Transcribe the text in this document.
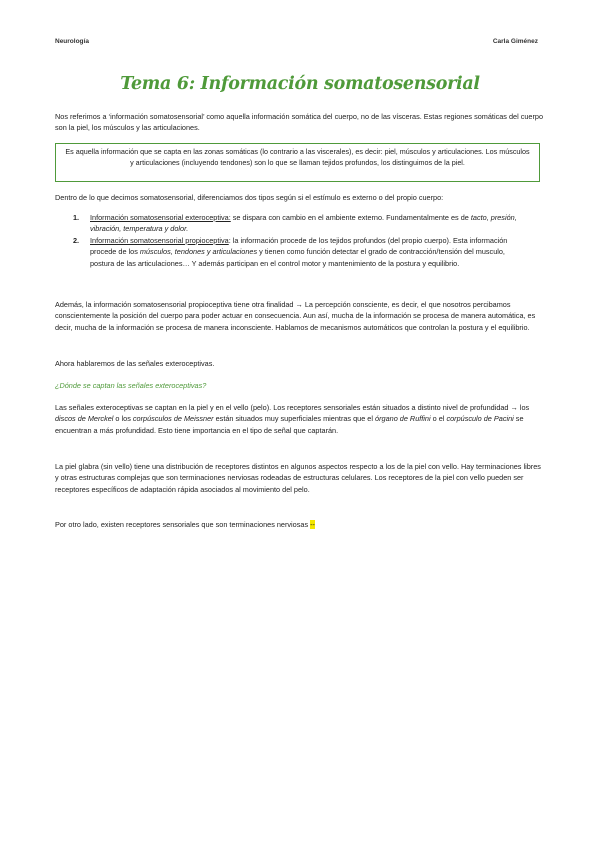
Neurología	Carla Giménez
Tema 6: Información somatosensorial
Nos referimos a ‘información somatosensorial’ como aquella información somática del cuerpo, no de las vísceras. Estas regiones somáticas del cuerpo son la piel, los músculos y las articulaciones.
Es aquella información que se capta en las zonas somáticas (lo contrario a las viscerales), es decir: piel, músculos y articulaciones. Los músculos y articulaciones (incluyendo tendones) son lo que se llaman tejidos profundos, los distinguimos de la piel.
Dentro de lo que decimos somatosensorial, diferenciamos dos tipos según si el estímulo es externo o del propio cuerpo:
1. Información somatosensorial exteroceptiva: se dispara con cambio en el ambiente externo. Fundamentalmente es de tacto, presión, vibración, temperatura y dolor.
2. Información somatosensorial propioceptiva: la información procede de los tejidos profundos (del propio cuerpo). Esta información procede de los músculos, tendones y articulaciones y tienen como función detectar el grado de contracción/tensión del musculo, postura de las articulaciones… Y además participan en el control motor y mantenimiento de la postura y equilibrio.
Además, la información somatosensorial propioceptiva tiene otra finalidad → La percepción consciente, es decir, el que nosotros percibamos conscientemente la posición del cuerpo para poder actuar en consecuencia. Aun así, mucha de la información se procesa de manera automática, es decir, mucha de la información se procesa de manera inconsciente. Hablamos de mecanismos automáticos que controlan la postura y el equilibrio.
Ahora hablaremos de las señales exteroceptivas.
¿Dónde se captan las señales exteroceptivas?
Las señales exteroceptivas se captan en la piel y en el vello (pelo). Los receptores sensoriales están situados a distinto nivel de profundidad → los discos de Merckel o los corpúsculos de Meissner están situados muy superficiales mientras que el órgano de Ruffini o el corpúsculo de Pacini se encuentran a más profundidad. Esto tiene importancia en el tipo de señal que captarán.
La piel glabra (sin vello) tiene una distribución de receptores distintos en algunos aspectos respecto a los de la piel con vello. Hay terminaciones libres y otras estructuras complejas que son terminaciones nerviosas rodeadas de estructuras celulares. Los receptores de la piel con vello pueden ser receptores específicos de adaptación rápida asociados al movimiento del pelo.
Por otro lado, existen receptores sensoriales que son terminaciones nerviosas --
